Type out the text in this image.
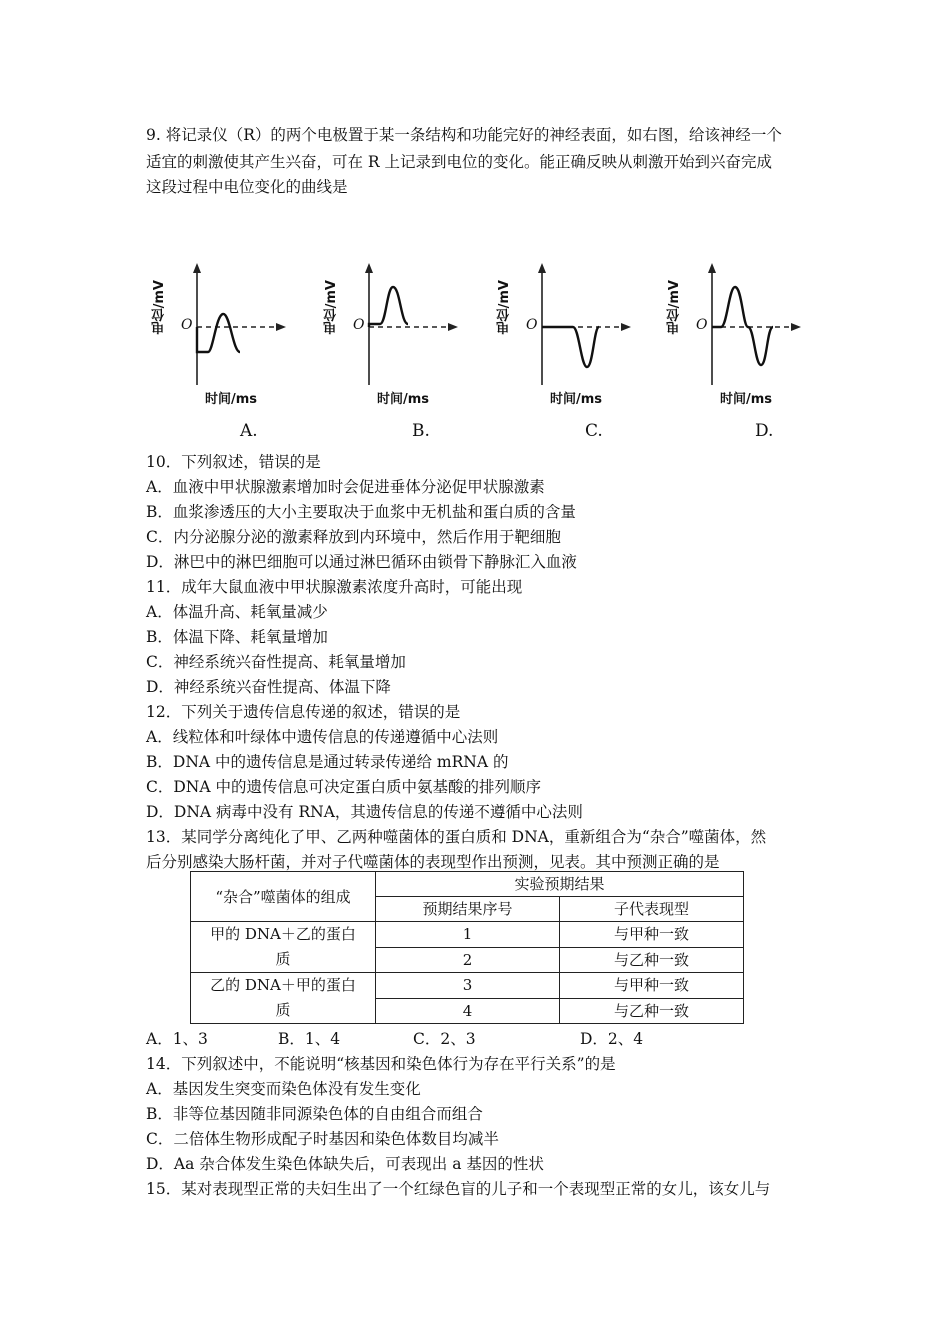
9. 将记录仪（R）的两个电极置于某一条结构和功能完好的神经表面，如右图，给该神经一个
适宜的刺激使其产生兴奋，可在 R 上记录到电位的变化。能正确反映从刺激开始到兴奋完成
这段过程中电位变化的曲线是
电位/mV	O
时间/ms
A.
电位/mV	O
时间/ms
B.
电位/mV	O
时间/ms
C.
电位/mV	O
时间/ms
D.
10．下列叙述，错误的是
A．血液中甲状腺激素增加时会促进垂体分泌促甲状腺激素
B．血浆渗透压的大小主要取决于血浆中无机盐和蛋白质的含量
C．内分泌腺分泌的激素释放到内环境中，然后作用于靶细胞
D．淋巴中的淋巴细胞可以通过淋巴循环由锁骨下静脉汇入血液
11．成年大鼠血液中甲状腺激素浓度升高时，可能出现
A．体温升高、耗氧量减少
B．体温下降、耗氧量增加
C．神经系统兴奋性提高、耗氧量增加
D．神经系统兴奋性提高、体温下降
12．下列关于遗传信息传递的叙述，错误的是
A．线粒体和叶绿体中遗传信息的传递遵循中心法则
B．DNA 中的遗传信息是通过转录传递给 mRNA 的
C．DNA 中的遗传信息可决定蛋白质中氨基酸的排列顺序
D．DNA 病毒中没有 RNA，其遗传信息的传递不遵循中心法则
13．某同学分离纯化了甲、乙两种噬菌体的蛋白质和 DNA，重新组合为“杂合”噬菌体，然
后分别感染大肠杆菌，并对子代噬菌体的表现型作出预测，见表。其中预测正确的是
“杂合”噬菌体的组成	实验预期结果	
	预期结果序号	子代表现型

甲的 DNA＋乙的蛋白
质	1	与甲种一致
	2	与乙种一致

乙的 DNA＋甲的蛋白
质	3	与甲种一致
	4	与乙种一致
A．1、3	B．1、4	C．2、3	D．2、4
14．下列叙述中，不能说明“核基因和染色体行为存在平行关系”的是
A．基因发生突变而染色体没有发生变化
B．非等位基因随非同源染色体的自由组合而组合
C．二倍体生物形成配子时基因和染色体数目均减半
D．Aa 杂合体发生染色体缺失后，可表现出 a 基因的性状
15．某对表现型正常的夫妇生出了一个红绿色盲的儿子和一个表现型正常的女儿，该女儿与
